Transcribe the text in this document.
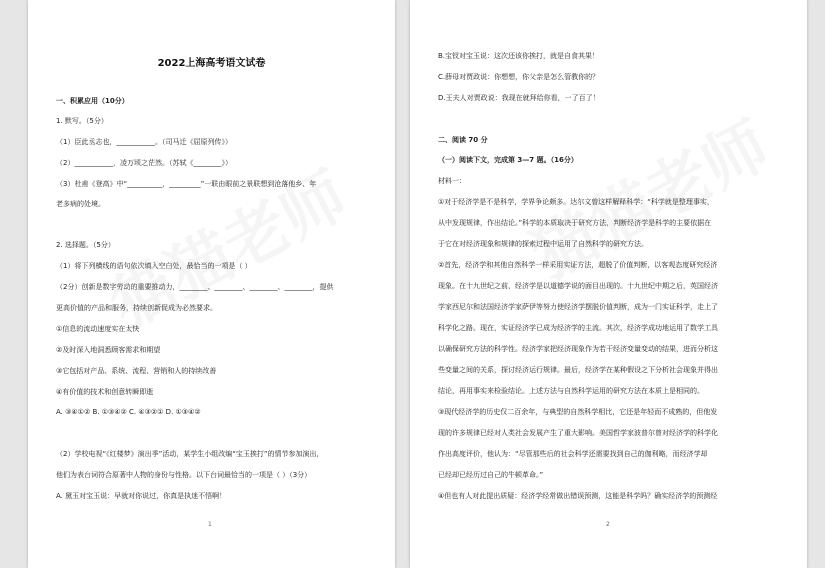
2022上海高考语文试卷
一、积累应用（10分）
1. 默写。（5分）
（1）臣此丞志也，___________。（司马迁《屈原列传》）
（2）___________，凌万顷之茫然。（苏轼《________》）
（3）杜甫《登高》中“__________，_________”一联由眼前之景联想到沧落他乡、年
老多病的处境。
2. 选择题。（5分）
（1）将下列横线的语句依次填入空白处，最恰当的一项是（ ）
（2分）创新是数字劳动的重要推动力，________、________、________、________，提供
更高价值的产品和服务，持续创新促成为必然要求。
①信息的流动速度实在太快
②及时深入地洞悉顾客需求和期望
③它包括对产品、系统、流程、营销和人的持续改善
④有价值的技术和创意转瞬即逝
A. ③④①② B. ①③④② C. ④③②① D. ①③④②
（2）学校电视“《红楼梦》演出季”活动，某学生小组改编“宝玉挨打”的情节参加演出，
他们为表台词符合原著中人物的身份与性格。以下台词最恰当的一项是（ ）（3分）
A. 黛玉对宝玉说：早就对你说过，你真是执迷不悟啊！
1
B.宝钗对宝玉说：这次还该你挨打，就是自食其果！
C.薛母对贾政说：你想想，你父亲是怎么管教你的？
D.王夫人对贾政说：我现在就拜给你看，一了百了！
二、阅读 70 分
（一）阅读下文，完成第 3—7 题。（16分）
材料一：
①对于经济学是不是科学，学界争论颇多。达尔文曾这样解释科学：“科学就是整理事实，
从中发现规律，作出结论。”科学的本质取决于研究方法，判断经济学是科学的主要依据在
于它在对经济现象和规律的探索过程中运用了自然科学的研究方法。
②首先，经济学和其他自然科学一样采用实证方法，超脱了价值判断，以客观态度研究经济
现象。在十九世纪之前，经济学是以道德学说的面目出现的。十九世纪中期之后，英国经济
学家西尼尔和法国经济学家萨伊等努力使经济学摆脱价值判断，成为一门实证科学，走上了
科学化之路。现在，实证经济学已成为经济学的主流。其次，经济学成功地运用了数学工具
以确保研究方法的科学性。经济学家把经济现象作为若干经济变量变动的结果，进而分析这
些变量之间的关系，探讨经济运行规律。最后，经济学在某种假设之下分析社会现象并得出
结论，再用事实来检验结论。上述方法与自然科学运用的研究方法在本质上是相同的。
③现代经济学的历史仅二百余年，与典型的自然科学相比，它还是年轻而不成熟的，但他发
现的许多规律已经对人类社会发展产生了重大影响。美国哲学家波普尔曾对经济学的科学化
作出高度评价，他认为：“尽管那些后的社会科学还需要找到自己的伽利略，而经济学却
已经却已经历过自己的牛顿革命。”
④但也有人对此提出质疑：经济学经常做出错误预测，这能是科学吗？确实经济学的预测经
2
